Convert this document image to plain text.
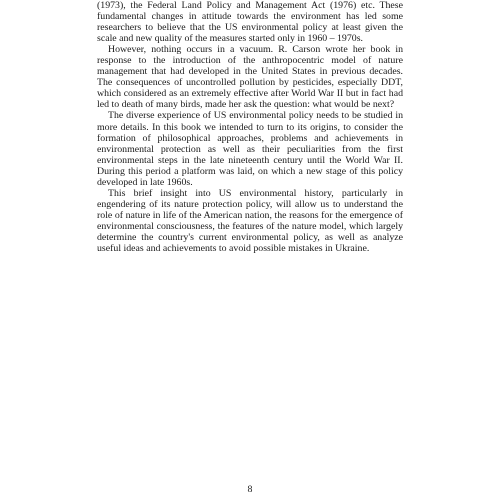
(1973), the Federal Land Policy and Management Act (1976) etc. These fundamental changes in attitude towards the environment has led some researchers to believe that the US environmental policy at least given the scale and new quality of the measures started only in 1960 – 1970s.

However, nothing occurs in a vacuum. R. Carson wrote her book in response to the introduction of the anthropocentric model of nature management that had developed in the United States in previous decades. The consequences of uncontrolled pollution by pesticides, especially DDT, which considered as an extremely effective after World War II but in fact had led to death of many birds, made her ask the question: what would be next?

The diverse experience of US environmental policy needs to be studied in more details. In this book we intended to turn to its origins, to consider the formation of philosophical approaches, problems and achievements in environmental protection as well as their peculiarities from the first environmental steps in the late nineteenth century until the World War II. During this period a platform was laid, on which a new stage of this policy developed in late 1960s.

This brief insight into US environmental history, particularly in engendering of its nature protection policy, will allow us to understand the role of nature in life of the American nation, the reasons for the emergence of environmental consciousness, the features of the nature model, which largely determine the country's current environmental policy, as well as analyze useful ideas and achievements to avoid possible mistakes in Ukraine.

8
